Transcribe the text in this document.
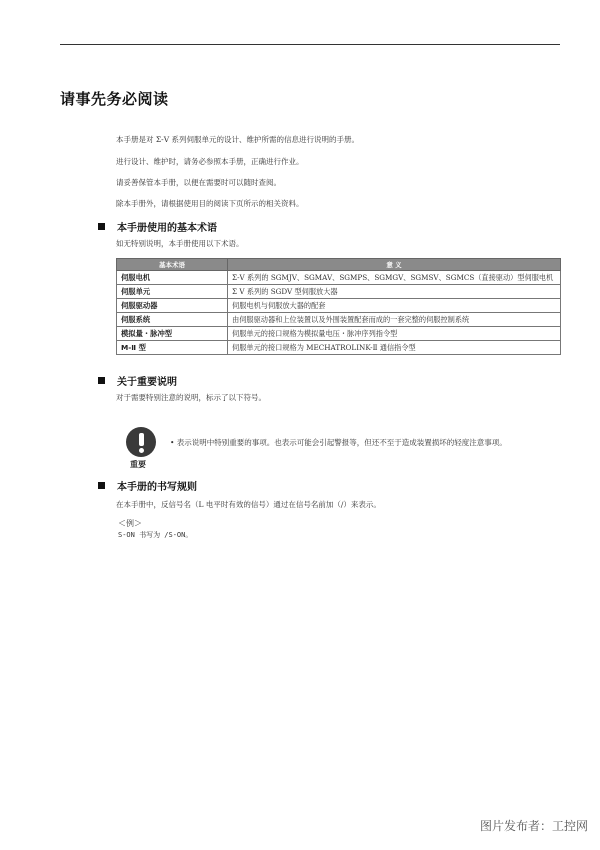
请事先务必阅读
本手册是对 Σ-V 系列伺服单元的设计、维护所需的信息进行说明的手册。
进行设计、维护时，请务必参照本手册，正确进行作业。
请妥善保管本手册，以便在需要时可以随时查阅。
除本手册外，请根据使用目的阅读下页所示的相关资料。
本手册使用的基本术语
如无特别说明，本手册使用以下术语。
基本术语	意 义
伺服电机	Σ-V 系列的 SGMJV、SGMAV、SGMPS、SGMGV、SGMSV、SGMCS（直接驱动）型伺服电机
伺服单元	Σ V 系列的 SGDV 型伺服放大器
伺服驱动器	伺服电机与伺服放大器的配套
伺服系统	由伺服驱动器和上位装置以及外围装置配套而成的一套完整的伺服控制系统
模拟量・脉冲型	伺服单元的接口规格为模拟量电压・脉冲序列指令型
M-Ⅱ 型	伺服单元的接口规格为 MECHATROLINK-Ⅱ 通信指令型
关于重要说明
对于需要特别注意的说明，标示了以下符号。
重要
• 表示说明中特别重要的事项。也表示可能会引起警报等，但还不至于造成装置损坏的轻度注意事项。
本手册的书写规则
在本手册中，反信号名（L 电平时有效的信号）通过在信号名前加（/）来表示。
＜例＞
S-ON 书写为 /S-ON。
图片发布者：工控网
